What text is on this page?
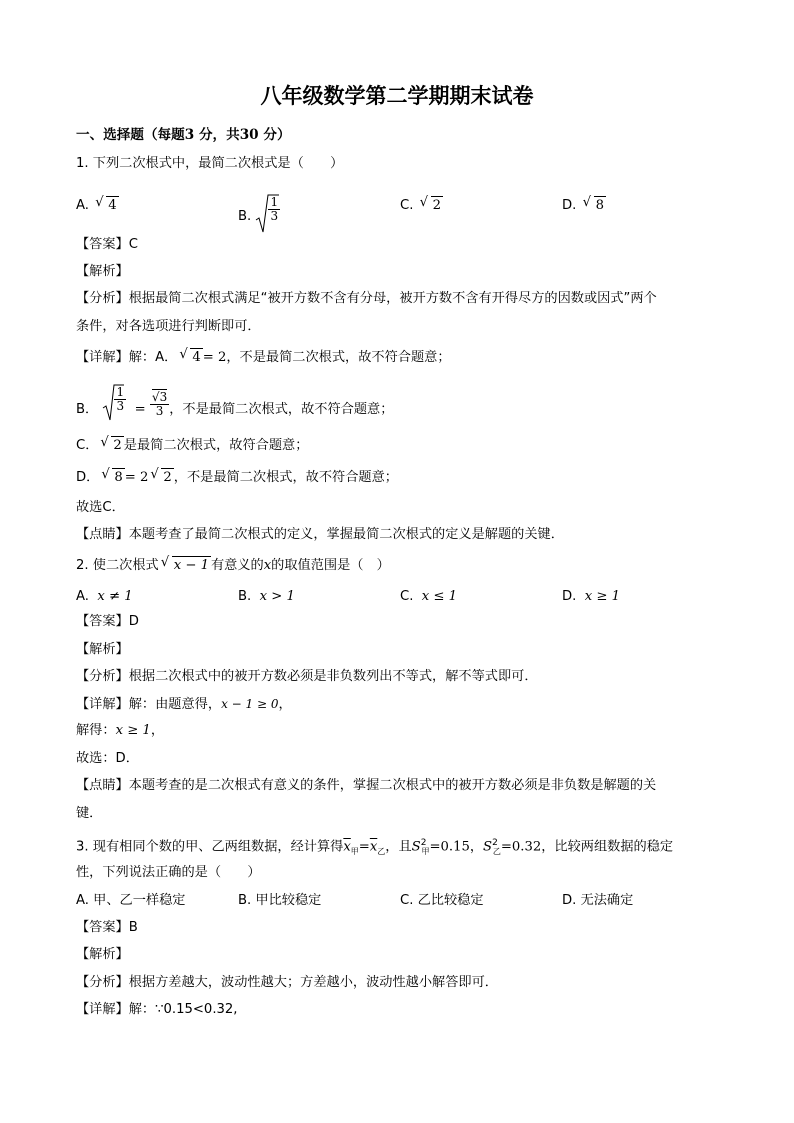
八年级数学第二学期期末试卷
一、选择题（每题3 分，共30 分）
1. 下列二次根式中，最简二次根式是（　　）
A. √ 4
B. $\frac{1}{3}$	C. √ 2	D. √ 8
【答案】C
【解析】
【分析】根据最简二次根式满足“被开方数不含有分母，被开方数不含有开得尽方的因数或因式”两个
条件，对各选项进行判断即可．
【详解】解：A． √ 4 = 2，不是最简二次根式，故不符合题意；
B． $\frac{1}{3} = \frac{√3}{3}$ ，不是最简二次根式，故不符合题意；
C． √ 2 是最简二次根式，故符合题意；
D． √ 8 = 2 √ 2 ，不是最简二次根式，故不符合题意；
故选C．
【点睛】本题考查了最简二次根式的定义，掌握最简二次根式的定义是解题的关键．
2. 使二次根式 √ x − 1 有意义的x的取值范围是（　）
A. x ≠ 1	B. x > 1	C. x ≤ 1	D. x ≥ 1
【答案】D
【解析】
【分析】根据二次根式中的被开方数必须是非负数列出不等式，解不等式即可．
【详解】解：由题意得，x − 1 ≥ 0，
解得：x ≥ 1，
故选：D．
【点睛】本题考查的是二次根式有意义的条件，掌握二次根式中的被开方数必须是非负数是解题的关
键．
3. 现有相同个数的甲、乙两组数据，经计算得$\overline{x}_甲=\overline{x}_乙$，且$S^2_甲=0.15$，$S^2_乙=0.32$，比较两组数据的稳定
性，下列说法正确的是（　　）
A. 甲、乙一样稳定	B. 甲比较稳定	C. 乙比较稳定	D. 无法确定
【答案】B
【解析】
【分析】根据方差越大，波动性越大；方差越小，波动性越小解答即可．
【详解】解：∵0.15<0.32,
